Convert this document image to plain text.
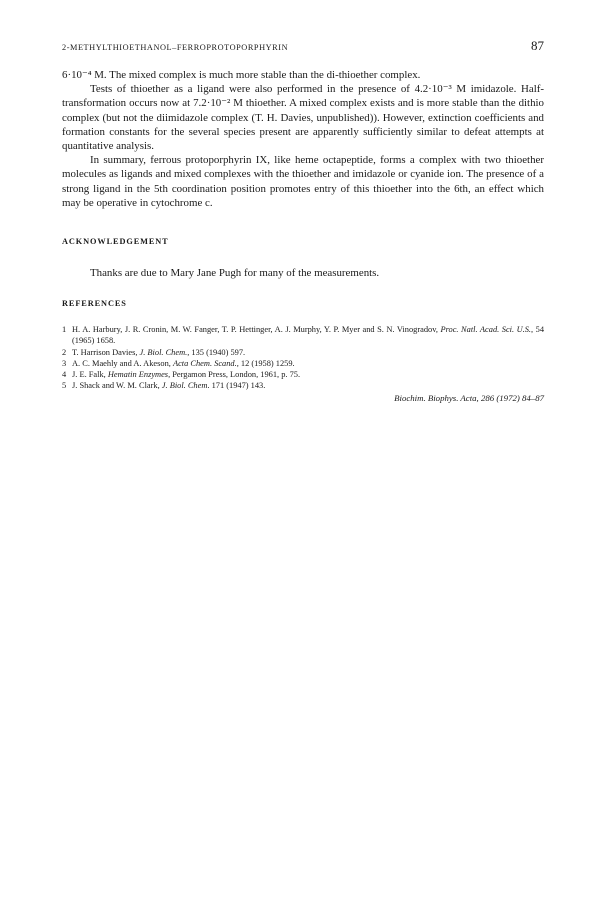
2-METHYLTHIOETHANOL–FERROPROTOPORPHYRIN	87

6·10⁻⁴ M. The mixed complex is much more stable than the di-thioether complex.

Tests of thioether as a ligand were also performed in the presence of 4.2·10⁻³ M imidazole. Half-transformation occurs now at 7.2·10⁻² M thioether. A mixed complex exists and is more stable than the dithio complex (but not the diimidazole complex (T. H. Davies, unpublished)). However, extinction coefficients and formation constants for the several species present are apparently sufficiently similar to defeat attempts at quantitative analysis.

In summary, ferrous protoporphyrin IX, like heme octapeptide, forms a complex with two thioether molecules as ligands and mixed complexes with the thioether and imidazole or cyanide ion. The presence of a strong ligand in the 5th coordination position promotes entry of this thioether into the 6th, an effect which may be operative in cytochrome c.

ACKNOWLEDGEMENT

Thanks are due to Mary Jane Pugh for many of the measurements.

REFERENCES
1 H. A. Harbury, J. R. Cronin, M. W. Fanger, T. P. Hettinger, A. J. Murphy, Y. P. Myer and S. N. Vinogradov, Proc. Natl. Acad. Sci. U.S., 54 (1965) 1658.
2 T. Harrison Davies, J. Biol. Chem., 135 (1940) 597.
3 A. C. Maehly and A. Akeson, Acta Chem. Scand., 12 (1958) 1259.
4 J. E. Falk, Hematin Enzymes, Pergamon Press, London, 1961, p. 75.
5 J. Shack and W. M. Clark, J. Biol. Chem. 171 (1947) 143.
Biochim. Biophys. Acta, 286 (1972) 84–87
